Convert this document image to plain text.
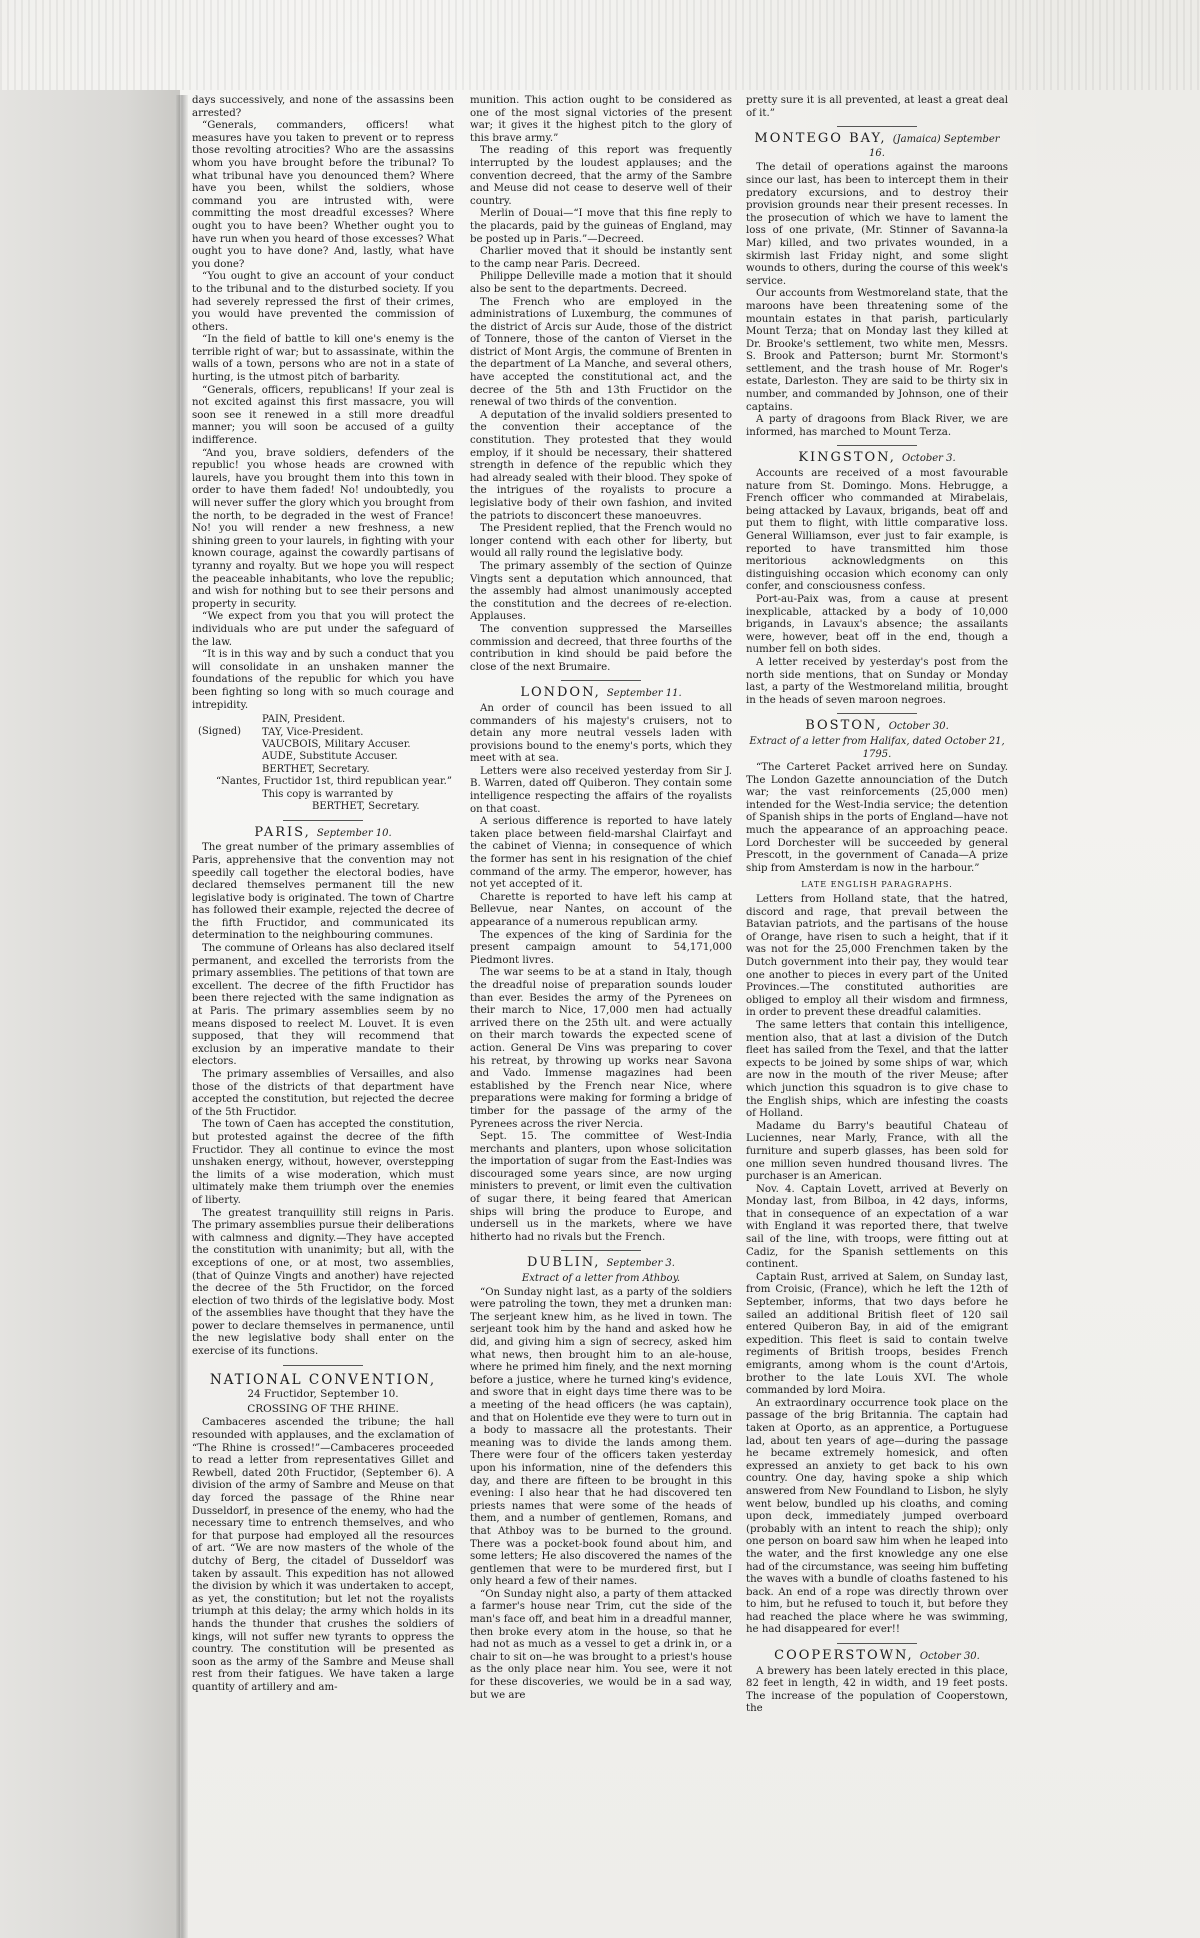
days successively, and none of the assassins been arrested?

“Generals, commanders, officers! what measures have you taken to prevent or to repress those revolting atrocities? Who are the assassins whom you have brought before the tribunal? To what tribunal have you denounced them? Where have you been, whilst the soldiers, whose command you are intrusted with, were committing the most dreadful excesses? Where ought you to have been? Whether ought you to have run when you heard of those excesses? What ought you to have done? And, lastly, what have you done?

“You ought to give an account of your conduct to the tribunal and to the disturbed society. If you had severely repressed the first of their crimes, you would have prevented the commission of others.

“In the field of battle to kill one's enemy is the terrible right of war; but to assassinate, within the walls of a town, persons who are not in a state of hurting, is the utmost pitch of barbarity.

“Generals, officers, republicans! If your zeal is not excited against this first massacre, you will soon see it renewed in a still more dreadful manner; you will soon be accused of a guilty indifference.

“And you, brave soldiers, defenders of the republic! you whose heads are crowned with laurels, have you brought them into this town in order to have them faded! No! undoubtedly, you will never suffer the glory which you brought from the north, to be degraded in the west of France! No! you will render a new freshness, a new shining green to your laurels, in fighting with your known courage, against the cowardly partisans of tyranny and royalty. But we hope you will respect the peaceable inhabitants, who love the republic; and wish for nothing but to see their persons and property in security.

“We expect from you that you will protect the individuals who are put under the safeguard of the law.

“It is in this way and by such a conduct that you will consolidate in an unshaken manner the foundations of the republic for which you have been fighting so long with so much courage and intrepidity.

(Signed)

PAIN, President.

TAY, Vice-President.

VAUCBOIS, Military Accuser.

AUDE, Substitute Accuser.

BERTHET, Secretary.

“Nantes, Fructidor 1st, third republican year.”

This copy is warranted by

BERTHET, Secretary.

PARIS, September 10.

The great number of the primary assemblies of Paris, apprehensive that the convention may not speedily call together the electoral bodies, have declared themselves permanent till the new legislative body is originated. The town of Chartre has followed their example, rejected the decree of the fifth Fructidor, and communicated its determination to the neighbouring communes.

The commune of Orleans has also declared itself permanent, and excelled the terrorists from the primary assemblies. The petitions of that town are excellent. The decree of the fifth Fructidor has been there rejected with the same indignation as at Paris. The primary assemblies seem by no means disposed to reelect M. Louvet. It is even supposed, that they will recommend that exclusion by an imperative mandate to their electors.

The primary assemblies of Versailles, and also those of the districts of that department have accepted the constitution, but rejected the decree of the 5th Fructidor.

The town of Caen has accepted the constitution, but protested against the decree of the fifth Fructidor. They all continue to evince the most unshaken energy, without, however, overstepping the limits of a wise moderation, which must ultimately make them triumph over the enemies of liberty.

The greatest tranquillity still reigns in Paris. The primary assemblies pursue their deliberations with calmness and dignity.—They have accepted the constitution with unanimity; but all, with the exceptions of one, or at most, two assemblies, (that of Quinze Vingts and another) have rejected the decree of the 5th Fructidor, on the forced election of two thirds of the legislative body. Most of the assemblies have thought that they have the power to declare themselves in permanence, until the new legislative body shall enter on the exercise of its functions.

NATIONAL CONVENTION,
24 Fructidor, September 10.
CROSSING OF THE RHINE.

Cambaceres ascended the tribune; the hall resounded with applauses, and the exclamation of “The Rhine is crossed!”—Cambaceres proceeded to read a letter from representatives Gillet and Rewbell, dated 20th Fructidor, (September 6). A division of the army of Sambre and Meuse on that day forced the passage of the Rhine near Dusseldorf, in presence of the enemy, who had the necessary time to entrench themselves, and who for that purpose had employed all the resources of art. “We are now masters of the whole of the dutchy of Berg, the citadel of Dusseldorf was taken by assault. This expedition has not allowed the division by which it was undertaken to accept, as yet, the constitution; but let not the royalists triumph at this delay; the army which holds in its hands the thunder that crushes the soldiers of kings, will not suffer new tyrants to oppress the country. The constitution will be presented as soon as the army of the Sambre and Meuse shall rest from their fatigues. We have taken a large quantity of artillery and am-

munition. This action ought to be considered as one of the most signal victories of the present war; it gives it the highest pitch to the glory of this brave army.”

The reading of this report was frequently interrupted by the loudest applauses; and the convention decreed, that the army of the Sambre and Meuse did not cease to deserve well of their country.

Merlin of Douai—“I move that this fine reply to the placards, paid by the guineas of England, may be posted up in Paris.”—Decreed.

Charlier moved that it should be instantly sent to the camp near Paris. Decreed.

Philippe Delleville made a motion that it should also be sent to the departments. Decreed.

The French who are employed in the administrations of Luxemburg, the communes of the district of Arcis sur Aude, those of the district of Tonnere, those of the canton of Vierset in the district of Mont Argis, the commune of Brenten in the department of La Manche, and several others, have accepted the constitutional act, and the decree of the 5th and 13th Fructidor on the renewal of two thirds of the convention.

A deputation of the invalid soldiers presented to the convention their acceptance of the constitution. They protested that they would employ, if it should be necessary, their shattered strength in defence of the republic which they had already sealed with their blood. They spoke of the intrigues of the royalists to procure a legislative body of their own fashion, and invited the patriots to disconcert these manoeuvres.

The President replied, that the French would no longer contend with each other for liberty, but would all rally round the legislative body.

The primary assembly of the section of Quinze Vingts sent a deputation which announced, that the assembly had almost unanimously accepted the constitution and the decrees of re-election. Applauses.

The convention suppressed the Marseilles commission and decreed, that three fourths of the contribution in kind should be paid before the close of the next Brumaire.

LONDON, September 11.

An order of council has been issued to all commanders of his majesty's cruisers, not to detain any more neutral vessels laden with provisions bound to the enemy's ports, which they meet with at sea.

Letters were also received yesterday from Sir J. B. Warren, dated off Quiberon. They contain some intelligence respecting the affairs of the royalists on that coast.

A serious difference is reported to have lately taken place between field-marshal Clairfayt and the cabinet of Vienna; in consequence of which the former has sent in his resignation of the chief command of the army. The emperor, however, has not yet accepted of it.

Charette is reported to have left his camp at Bellevue, near Nantes, on account of the appearance of a numerous republican army.

The expences of the king of Sardinia for the present campaign amount to 54,171,000 Piedmont livres.

The war seems to be at a stand in Italy, though the dreadful noise of preparation sounds louder than ever. Besides the army of the Pyrenees on their march to Nice, 17,000 men had actually arrived there on the 25th ult. and were actually on their march towards the expected scene of action. General De Vins was preparing to cover his retreat, by throwing up works near Savona and Vado. Immense magazines had been established by the French near Nice, where preparations were making for forming a bridge of timber for the passage of the army of the Pyrenees across the river Nercia.

Sept. 15. The committee of West-India merchants and planters, upon whose solicitation the importation of sugar from the East-Indies was discouraged some years since, are now urging ministers to prevent, or limit even the cultivation of sugar there, it being feared that American ships will bring the produce to Europe, and undersell us in the markets, where we have hitherto had no rivals but the French.

DUBLIN, September 3.
Extract of a letter from Athboy.

“On Sunday night last, as a party of the soldiers were patroling the town, they met a drunken man: The serjeant knew him, as he lived in town. The serjeant took him by the hand and asked how he did, and giving him a sign of secrecy, asked him what news, then brought him to an ale-house, where he primed him finely, and the next morning before a justice, where he turned king's evidence, and swore that in eight days time there was to be a meeting of the head officers (he was captain), and that on Holentide eve they were to turn out in a body to massacre all the protestants. Their meaning was to divide the lands among them. There were four of the officers taken yesterday upon his information, nine of the defenders this day, and there are fifteen to be brought in this evening: I also hear that he had discovered ten priests names that were some of the heads of them, and a number of gentlemen, Romans, and that Athboy was to be burned to the ground. There was a pocket-book found about him, and some letters; He also discovered the names of the gentlemen that were to be murdered first, but I only heard a few of their names.

“On Sunday night also, a party of them attacked a farmer's house near Trim, cut the side of the man's face off, and beat him in a dreadful manner, then broke every atom in the house, so that he had not as much as a vessel to get a drink in, or a chair to sit on—he was brought to a priest's house as the only place near him. You see, were it not for these discoveries, we would be in a sad way, but we are

pretty sure it is all prevented, at least a great deal of it.”

MONTEGO BAY, (Jamaica) September 16.

The detail of operations against the maroons since our last, has been to intercept them in their predatory excursions, and to destroy their provision grounds near their present recesses. In the prosecution of which we have to lament the loss of one private, (Mr. Stinner of Savanna-la Mar) killed, and two privates wounded, in a skirmish last Friday night, and some slight wounds to others, during the course of this week's service.

Our accounts from Westmoreland state, that the maroons have been threatening some of the mountain estates in that parish, particularly Mount Terza; that on Monday last they killed at Dr. Brooke's settlement, two white men, Messrs. S. Brook and Patterson; burnt Mr. Stormont's settlement, and the trash house of Mr. Roger's estate, Darleston. They are said to be thirty six in number, and commanded by Johnson, one of their captains.

A party of dragoons from Black River, we are informed, has marched to Mount Terza.

KINGSTON, October 3.

Accounts are received of a most favourable nature from St. Domingo. Mons. Hebrugge, a French officer who commanded at Mirabelais, being attacked by Lavaux, brigands, beat off and put them to flight, with little comparative loss. General Williamson, ever just to fair example, is reported to have transmitted him those meritorious acknowledgments on this distinguishing occasion which economy can only confer, and consciousness confess.

Port-au-Paix was, from a cause at present inexplicable, attacked by a body of 10,000 brigands, in Lavaux's absence; the assailants were, however, beat off in the end, though a number fell on both sides.

A letter received by yesterday's post from the north side mentions, that on Sunday or Monday last, a party of the Westmoreland militia, brought in the heads of seven maroon negroes.

BOSTON, October 30.
Extract of a letter from Halifax, dated October 21, 1795.

“The Carteret Packet arrived here on Sunday. The London Gazette announciation of the Dutch war; the vast reinforcements (25,000 men) intended for the West-India service; the detention of Spanish ships in the ports of England—have not much the appearance of an approaching peace. Lord Dorchester will be succeeded by general Prescott, in the government of Canada—A prize ship from Amsterdam is now in the harbour.”

LATE ENGLISH PARAGRAPHS.

Letters from Holland state, that the hatred, discord and rage, that prevail between the Batavian patriots, and the partisans of the house of Orange, have risen to such a height, that if it was not for the 25,000 Frenchmen taken by the Dutch government into their pay, they would tear one another to pieces in every part of the United Provinces.—The constituted authorities are obliged to employ all their wisdom and firmness, in order to prevent these dreadful calamities.

The same letters that contain this intelligence, mention also, that at last a division of the Dutch fleet has sailed from the Texel, and that the latter expects to be joined by some ships of war, which are now in the mouth of the river Meuse; after which junction this squadron is to give chase to the English ships, which are infesting the coasts of Holland.

Madame du Barry's beautiful Chateau of Luciennes, near Marly, France, with all the furniture and superb glasses, has been sold for one million seven hundred thousand livres. The purchaser is an American.

Nov. 4. Captain Lovett, arrived at Beverly on Monday last, from Bilboa, in 42 days, informs, that in consequence of an expectation of a war with England it was reported there, that twelve sail of the line, with troops, were fitting out at Cadiz, for the Spanish settlements on this continent.

Captain Rust, arrived at Salem, on Sunday last, from Croisic, (France), which he left the 12th of September, informs, that two days before he sailed an additional British fleet of 120 sail entered Quiberon Bay, in aid of the emigrant expedition. This fleet is said to contain twelve regiments of British troops, besides French emigrants, among whom is the count d'Artois, brother to the late Louis XVI. The whole commanded by lord Moira.

An extraordinary occurrence took place on the passage of the brig Britannia. The captain had taken at Oporto, as an apprentice, a Portuguese lad, about ten years of age—during the passage he became extremely homesick, and often expressed an anxiety to get back to his own country. One day, having spoke a ship which answered from New Foundland to Lisbon, he slyly went below, bundled up his cloaths, and coming upon deck, immediately jumped overboard (probably with an intent to reach the ship); only one person on board saw him when he leaped into the water, and the first knowledge any one else had of the circumstance, was seeing him buffeting the waves with a bundle of cloaths fastened to his back. An end of a rope was directly thrown over to him, but he refused to touch it, but before they had reached the place where he was swimming, he had disappeared for ever!!

COOPERSTOWN, October 30.

A brewery has been lately erected in this place, 82 feet in length, 42 in width, and 19 feet posts. The increase of the population of Cooperstown, the
